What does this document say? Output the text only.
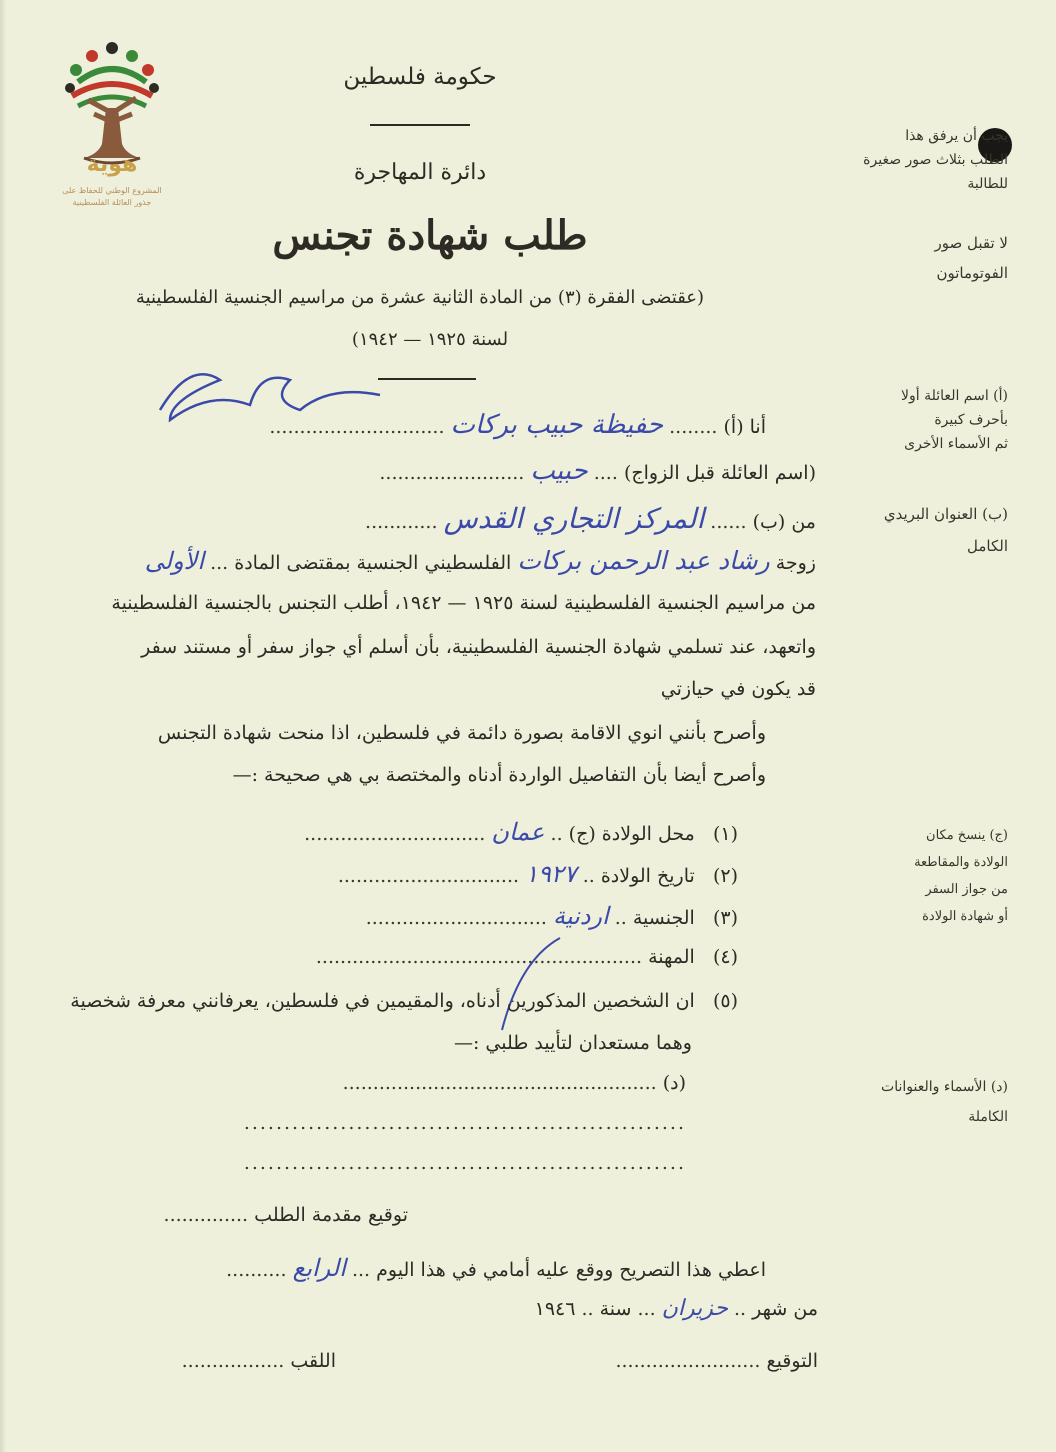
هوية
المشروع الوطني للحفاظ على
جذور العائلة الفلسطينية
حكومة فلسطين
دائرة المهاجرة
طلب شهادة تجنس
(عقتضى الفقرة (٣) من المادة الثانية عشرة من مراسيم الجنسية الفلسطينية
لسنة ١٩٢٥ — ١٩٤٢)
يجب أن يرفق هذا
الطلب بثلاث صور صغيرة
للطالبة
لا تقبل صور
الفوتوماتون
(أ) اسم العائلة أولا
بأحرف كبيرة
ثم الأسماء الأخرى
(ب) العنوان البريدي
الكامل
(ج) ينسخ مكان
الولادة والمقاطعة
من جواز السفر
أو شهادة الولادة
(د) الأسماء والعنوانات
الكاملة
أنا (أ) ........ حفيظة حبيب بركات .............................
(اسم العائلة قبل الزواج) .... حبيب ........................
من (ب) ...... المركز التجاري القدس ............
زوجة رشاد عبد الرحمن بركات الفلسطيني الجنسية بمقتضى المادة ... الأولى
من مراسيم الجنسية الفلسطينية لسنة ١٩٢٥ — ١٩٤٢، أطلب التجنس بالجنسية الفلسطينية
واتعهد، عند تسلمي شهادة الجنسية الفلسطينية، بأن أسلم أي جواز سفر أو مستند سفر
قد يكون في حيازتي
وأصرح بأنني انوي الاقامة بصورة دائمة في فلسطين، اذا منحت شهادة التجنس
وأصرح أيضا بأن التفاصيل الواردة أدناه والمختصة بي هي صحيحة :—
(١)   محل الولادة (ج) .. عمان ..............................
(٢)   تاريخ الولادة .. ١٩٢٧ ..............................
(٣)   الجنسية .. اردنية ..............................
(٤)   المهنة ......................................................
(٥)   ان الشخصين المذكورين أدناه، والمقيمين في فلسطين، يعرفانني معرفة شخصية
وهما مستعدان لتأييد طلبي :—
(د) ....................................................
.......................................................
.......................................................
توقيع مقدمة الطلب ..............
اعطي هذا التصريح ووقع عليه أمامي في هذا اليوم ... الرابع ..........
من شهر .. حزيران ... سنة .. ١٩٤٦
التوقيع ........................
اللقب .................
